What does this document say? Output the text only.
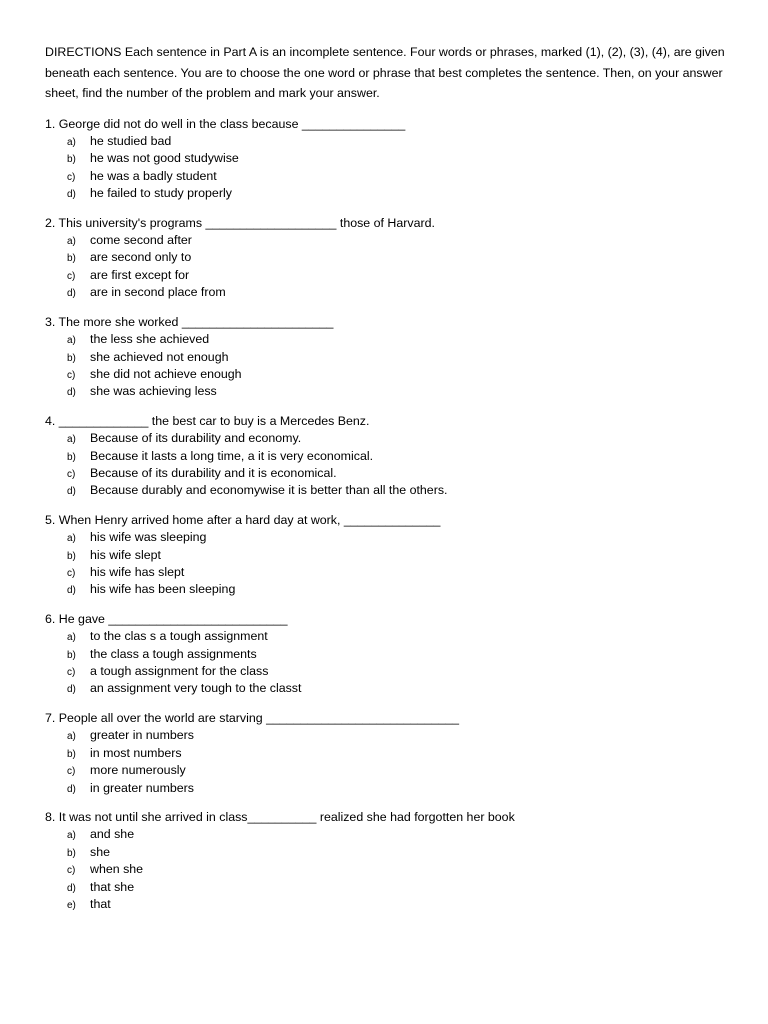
DIRECTIONS Each sentence in Part A is an incomplete sentence. Four words or phrases, marked (1), (2), (3), (4), are given beneath each sentence. You are to choose the one word or phrase that best completes the sentence. Then, on your answer sheet, find the number of the problem and mark your answer.

1. George did not do well in the class because _______________
a)	he studied bad
b)	he was not good studywise
c)	he was a badly student
d)	he failed to study properly
2. This university's programs ___________________ those of Harvard.
a)	come second after
b)	are second only to
c)	are first except for
d)	are in second place from
3. The more she worked ______________________
a)	the less she achieved
b)	she achieved not enough
c)	she did not achieve enough
d)	she was achieving less
4. _____________ the best car to buy is a Mercedes Benz.
a)	Because of its durability and economy.
b)	Because it lasts a long time, a it is very economical.
c)	Because of its durability and it is economical.
d)	Because durably and economywise it is better than all the others.
5. When Henry arrived home after a hard day at work, ______________
a)	his wife was sleeping
b)	his wife slept
c)	his wife has slept
d)	his wife has been sleeping
6. He gave __________________________
a)	to the clas s a tough assignment
b)	the class a tough assignments
c)	a tough assignment for the class
d)	an assignment very tough to the classt
7. People all over the world are starving ____________________________
a)	greater in numbers
b)	in most numbers
c)	more numerously
d)	in greater numbers
8. It was not until she arrived in class__________ realized she had forgotten her book
a)	and she
b)	she
c)	when she
d)	that she
e)	that
